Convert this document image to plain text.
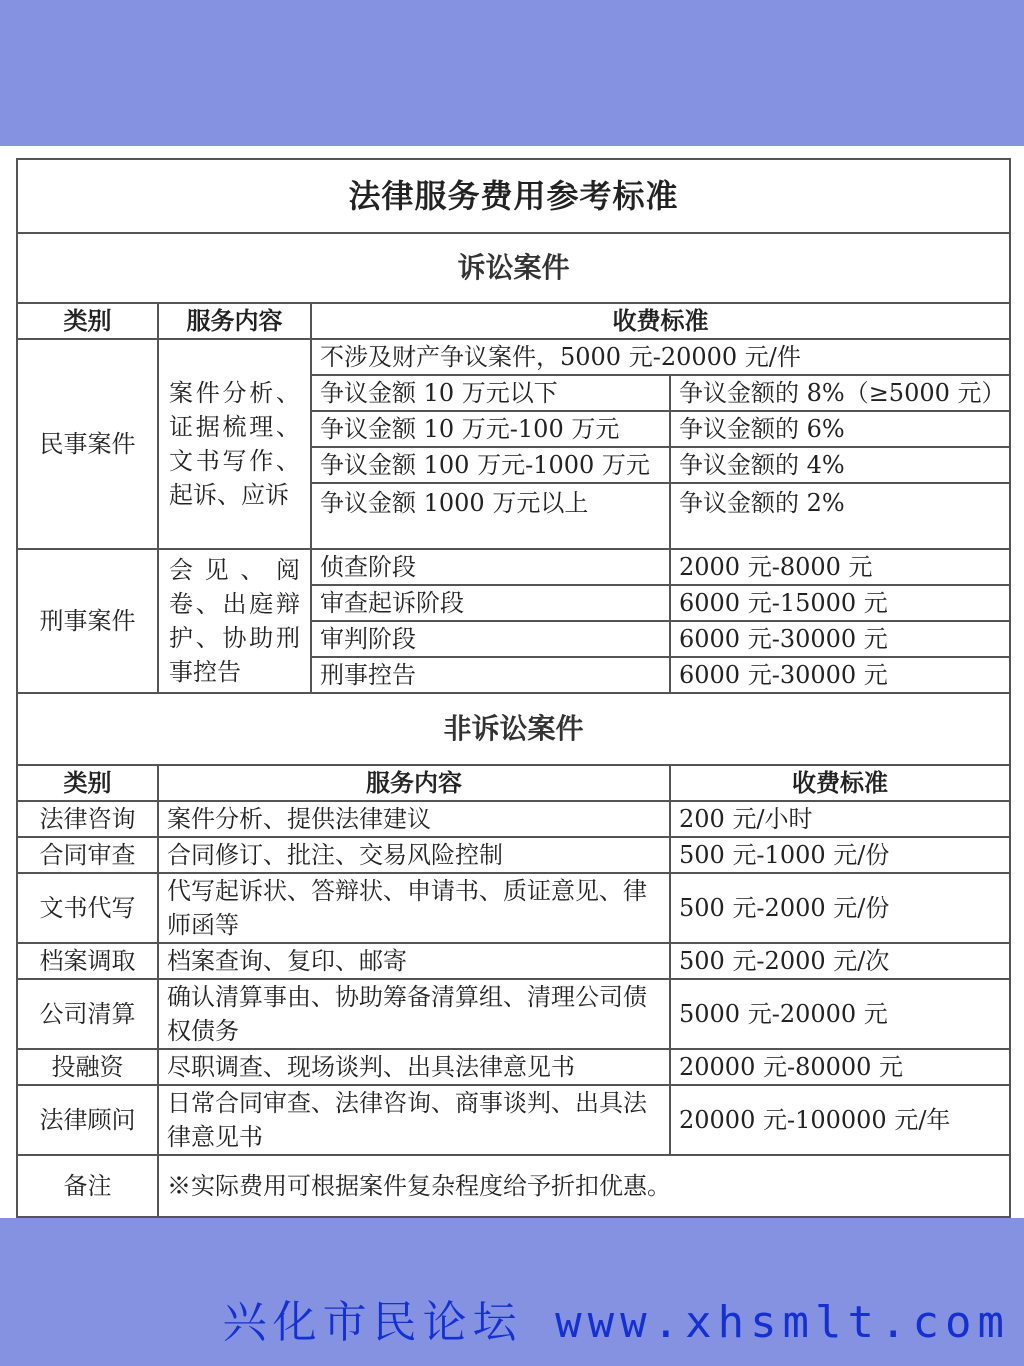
法律服务费用参考标准			
诉讼案件			
类别	服务内容	收费标准	
民事案件	案件分析、证据梳理、文书写作、起诉、应诉	不涉及财产争议案件，5000 元-20000 元/件	
		争议金额 10 万元以下	争议金额的 8%（≥5000 元）
		争议金额 10 万元-100 万元	争议金额的 6%
		争议金额 100 万元-1000 万元	争议金额的 4%
		争议金额 1000 万元以上	争议金额的 2%
刑事案件	会见、阅卷、出庭辩护、协助刑事控告	侦查阶段	2000 元-8000 元
		审查起诉阶段	6000 元-15000 元
		审判阶段	6000 元-30000 元
		刑事控告	6000 元-30000 元
非诉讼案件			
类别	服务内容		收费标准
法律咨询	案件分析、提供法律建议		200 元/小时
合同审查	合同修订、批注、交易风险控制		500 元-1000 元/份
文书代写	代写起诉状、答辩状、申请书、质证意见、律师函等		500 元-2000 元/份
档案调取	档案查询、复印、邮寄		500 元-2000 元/次
公司清算	确认清算事由、协助筹备清算组、清理公司债权债务		5000 元-20000 元
投融资	尽职调查、现场谈判、出具法律意见书		20000 元-80000 元
法律顾问	日常合同审查、法律咨询、商事谈判、出具法律意见书		20000 元-100000 元/年
备注	※实际费用可根据案件复杂程度给予折扣优惠。		
兴化市民论坛 www.xhsmlt.com
